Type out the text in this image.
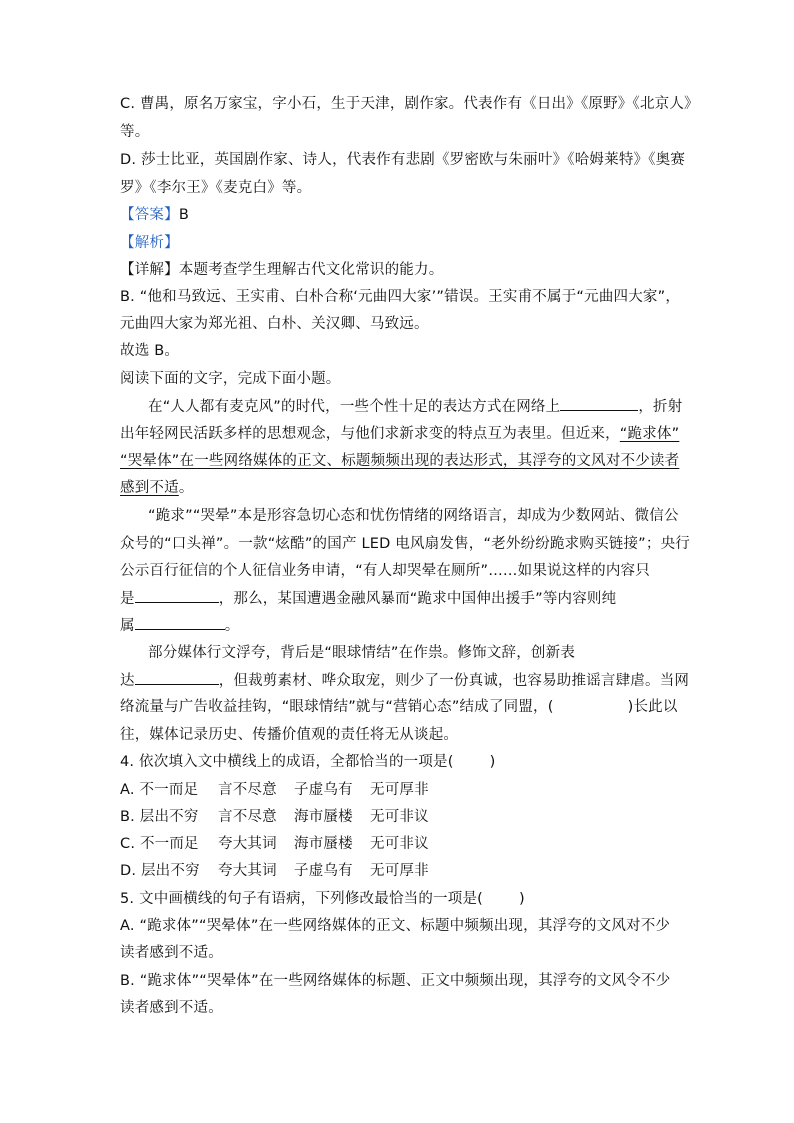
C. 曹禺，原名万家宝，字小石，生于天津，剧作家。代表作有《日出》《原野》《北京人》
等。
D. 莎士比亚，英国剧作家、诗人，代表作有悲剧《罗密欧与朱丽叶》《哈姆莱特》《奥赛
罗》《李尔王》《麦克白》等。
【答案】B
【解析】
【详解】本题考查学生理解古代文化常识的能力。
B. “他和马致远、王实甫、白朴合称‘元曲四大家’”错误。王实甫不属于“元曲四大家”，
元曲四大家为郑光祖、白朴、关汉卿、马致远。
故选 B。
阅读下面的文字，完成下面小题。
在“人人都有麦克风”的时代，一些个性十足的表达方式在网络上	，折射
出年轻网民活跃多样的思想观念，与他们求新求变的特点互为表里。但近来，“跪求体”
“哭晕体”在一些网络媒体的正文、标题频频出现的表达形式，其浮夸的文风对不少读者
感到不适。
“跪求”“哭晕”本是形容急切心态和忧伤情绪的网络语言，却成为少数网站、微信公
众号的“口头禅”。一款“炫酷”的国产 LED 电风扇发售，“老外纷纷跪求购买链接”；央行
公示百行征信的个人征信业务申请，“有人却哭晕在厕所”……如果说这样的内容只
是	，那么，某国遭遇金融风暴而“跪求中国伸出援手”等内容则纯
属	。
部分媒体行文浮夸，背后是“眼球情结”在作祟。修饰文辞，创新表
达	，但裁剪素材、哗众取宠，则少了一份真诚，也容易助推谣言肆虐。当网
络流量与广告收益挂钩，“眼球情结”就与“营销心态”结成了同盟，(	)长此以
往，媒体记录历史、传播价值观的责任将无从谈起。
4. 依次填入文中横线上的成语，全都恰当的一项是( )
A. 不一而足 言不尽意 子虚乌有 无可厚非
B. 层出不穷 言不尽意 海市蜃楼 无可非议
C. 不一而足 夸大其词 海市蜃楼 无可非议
D. 层出不穷 夸大其词 子虚乌有 无可厚非
5. 文中画横线的句子有语病，下列修改最恰当的一项是( )
A. “跪求体”“哭晕体”在一些网络媒体的正文、标题中频频出现，其浮夸的文风对不少
读者感到不适。
B. “跪求体”“哭晕体”在一些网络媒体的标题、正文中频频出现，其浮夸的文风令不少
读者感到不适。
